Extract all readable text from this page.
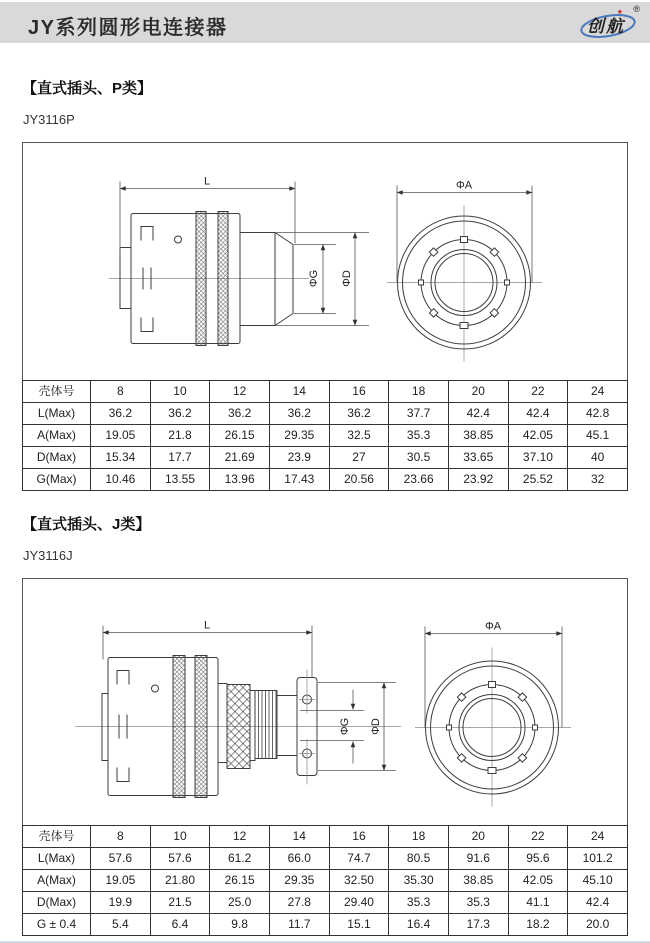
JY系列圆形电连接器	创航
★ ®
【直式插头、P类】
JY3116P
L
ΦG ΦD
ΦA
壳体号	8	10	12	14	16	18	20	22	24
L(Max)	36.2	36.2	36.2	36.2	36.2	37.7	42.4	42.4	42.8
A(Max)	19.05	21.8	26.15	29.35	32.5	35.3	38.85	42.05	45.1
D(Max)	15.34	17.7	21.69	23.9	27	30.5	33.65	37.10	40
G(Max)	10.46	13.55	13.96	17.43	20.56	23.66	23.92	25.52	32
【直式插头、J类】
JY3116J
L
ΦG ΦD
ΦA
壳体号	8	10	12	14	16	18	20	22	24
L(Max)	57.6	57.6	61.2	66.0	74.7	80.5	91.6	95.6	101.2
A(Max)	19.05	21.80	26.15	29.35	32.50	35.30	38.85	42.05	45.10
D(Max)	19.9	21.5	25.0	27.8	29.40	35.3	35.3	41.1	42.4
G ± 0.4	5.4	6.4	9.8	11.7	15.1	16.4	17.3	18.2	20.0
